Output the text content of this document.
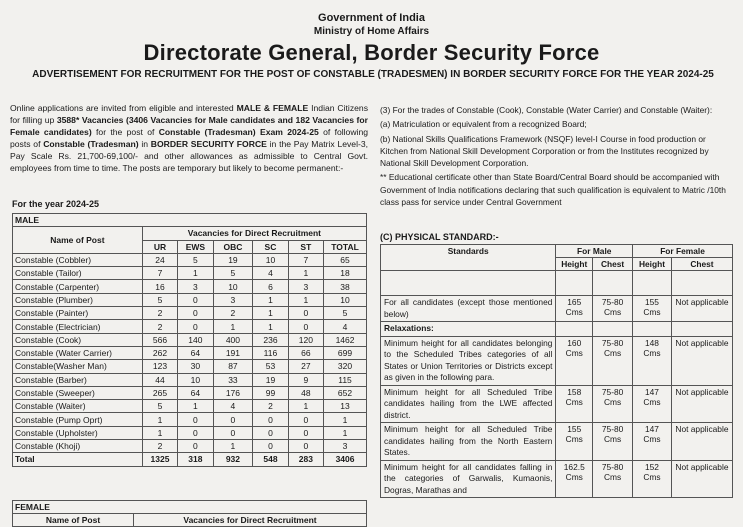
Government of India
Ministry of Home Affairs
Directorate General, Border Security Force
ADVERTISEMENT FOR RECRUITMENT FOR THE POST OF CONSTABLE (TRADESMEN) IN BORDER SECURITY FORCE FOR THE YEAR 2024-25
Online applications are invited from eligible and interested MALE & FEMALE Indian Citizens for filling up 3588* Vacancies (3406 Vacancies for Male candidates and 182 Vacancies for Female candidates) for the post of Constable (Tradesman) Exam 2024-25 of following posts of Constable (Tradesman) in BORDER SECURITY FORCE in the Pay Matrix Level-3, Pay Scale Rs. 21,700-69,100/- and other allowances as admissible to Central Govt. employees from time to time. The posts are temporary but likely to become permanent:-
For the year 2024-25
MALE						
Name of Post	Vacancies for Direct Recruitment					
	UR	EWS	OBC	SC	ST	TOTAL
Constable (Cobbler)	24	5	19	10	7	65
Constable (Tailor)	7	1	5	4	1	18
Constable (Carpenter)	16	3	10	6	3	38
Constable (Plumber)	5	0	3	1	1	10
Constable (Painter)	2	0	2	1	0	5
Constable (Electrician)	2	0	1	1	0	4
Constable (Cook)	566	140	400	236	120	1462
Constable (Water Carrier)	262	64	191	116	66	699
Constable(Washer Man)	123	30	87	53	27	320
Constable (Barber)	44	10	33	19	9	115
Constable (Sweeper)	265	64	176	99	48	652
Constable (Waiter)	5	1	4	2	1	13
Constable (Pump Oprt)	1	0	0	0	0	1
Constable (Upholster)	1	0	0	0	0	1
Constable (Khoji)	2	0	1	0	0	3
Total	1325	318	932	548	283	3406
FEMALE
Name of Post	Vacancies for Direct Recruitment

(3) For the trades of Constable (Cook), Constable (Water Carrier) and Constable (Waiter):

(a) Matriculation or equivalent from a recognized Board;

(b) National Skills Qualifications Framework (NSQF) level-I Course in food production or Kitchen from National Skill Development Corporation or from the Institutes recognized by National Skill Development Corporation.

** Educational certificate other than State Board/Central Board should be accompanied with Government of India notifications declaring that such qualification is equivalent to Matric /10th class pass for service under Central Government

(C) PHYSICAL STANDARD:-
Standards	For Male		For Female	
	Height	Chest	Height	Chest

For all candidates (except those mentioned below)	165 Cms	75-80 Cms	155 Cms	Not applicable
Relaxations:				
Minimum height for all candidates belonging to the Scheduled Tribes categories of all States or Union Territories or Districts except as given in the following para.	160 Cms	75-80 Cms	148 Cms	Not applicable
Minimum height for all Scheduled Tribe candidates hailing from the LWE affected district.	158 Cms	75-80 Cms	147 Cms	Not applicable
Minimum height for all Scheduled Tribe candidates hailing from the North Eastern States.	155 Cms	75-80 Cms	147 Cms	Not applicable
Minimum height for all candidates falling in the categories of Garwalis, Kumaonis, Dogras, Marathas and	162.5 Cms	75-80 Cms	152 Cms	Not applicable
